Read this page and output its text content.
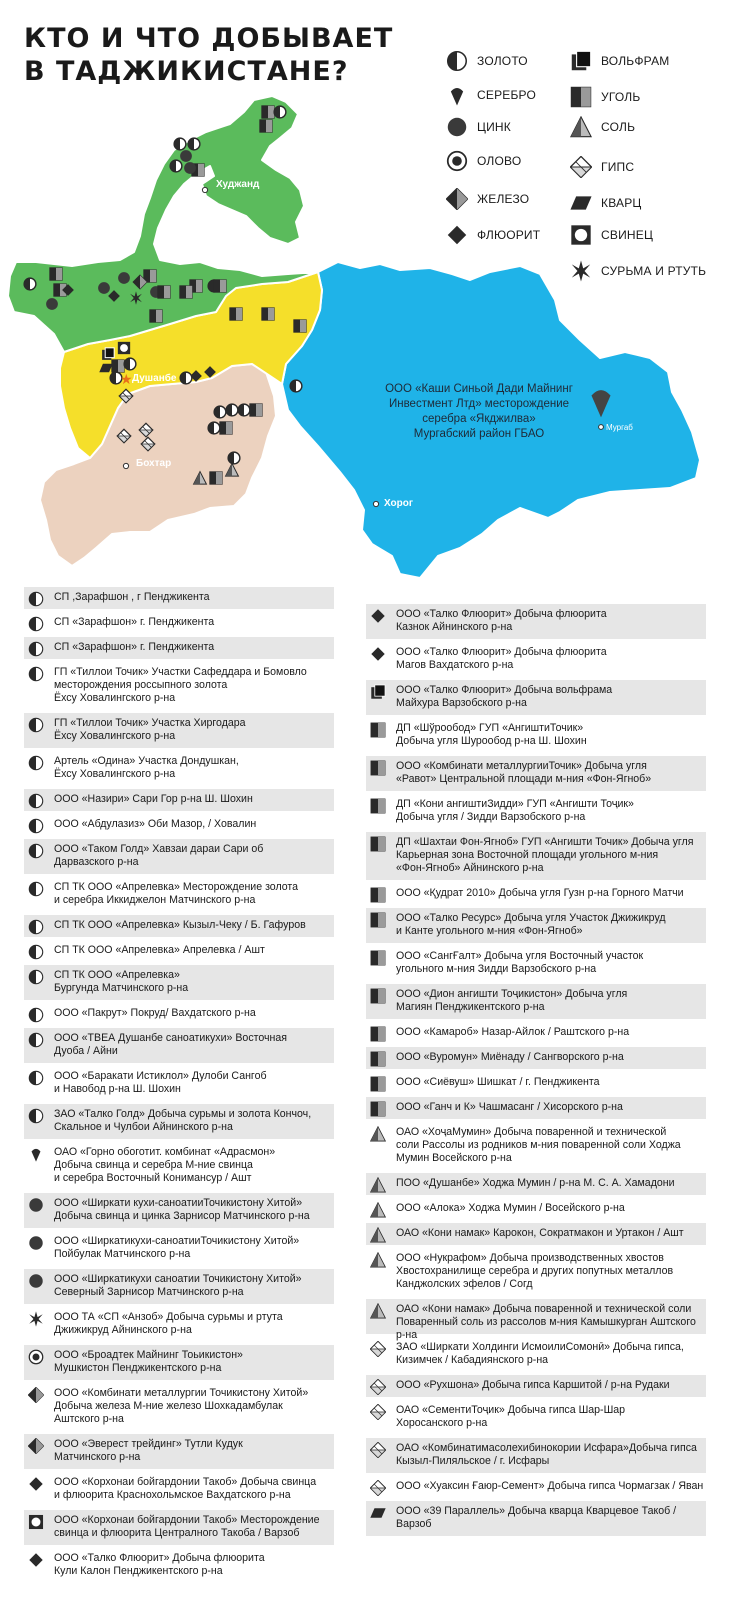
Худжанд
★ Душанбе
Бохтар
Хорог
Мургаб
КТО И ЧТО ДОБЫВАЕТ
В ТАДЖИКИСТАНЕ?
ООО «Каши Синьой Дади Майнинг
Инвестмент Лтд» месторождение
серебра «Якджилва»
Мургабский район ГБАО
ЗОЛОТО
СЕРЕБРО
ЦИНК
ОЛОВО
ЖЕЛЕЗО
ФЛЮОРИТ
ВОЛЬФРАМ
УГОЛЬ
СОЛЬ
ГИПС
КВАРЦ
СВИНЕЦ
СУРЬМА И РТУТЬ
СП ,Зарафшон , г Пенджикента
СП «Зарафшон» г. Пенджикента
СП «Зарафшон» г. Пенджикента
ГП «Тиллои Точик» Участки Сафеддара и Бомовло
месторождения россыпного золота
Ёхсу Ховалингского р-на
ГП «Тиллои Точик» Участка Хиргодара
Ёхсу Ховалингского р-на
Артель «Одина» Участка Дондушкан,
Ёхсу Ховалингского р-на
ООО «Назири» Сари Гор р-на Ш. Шохин
ООО «Абдулазиз» Оби Мазор, / Ховалин
ООО «Таком Голд» Хавзаи дараи Сари об
Дарвазского р-на
СП ТК ООО «Апрелевка» Месторождение золота
и серебра Иккиджелон Матчинского р-на
СП ТК ООО «Апрелевка» Кызыл-Чеку / Б. Гафуров
СП ТК ООО «Апрелевка» Апрелевка / Ашт
СП ТК ООО «Апрелевка»
Бургунда Матчинского р-на
ООО «Пакрут» Покруд/ Вахдатского р-на
ООО «ТВЕА Душанбе саноатикухи» Восточная
Дуоба / Айни
ООО «Баракати Истиклол» Дулоби Сангоб
и Навобод р-на Ш. Шохин
ЗАО «Талко Голд» Добыча сурьмы и золота Кончоч,
Скальное и Чулбои Айнинского р-на
ОАО «Горно обоготит. комбинат «Адрасмон»
Добыча свинца и серебра М-ние свинца
и серебра Восточный Конимансур / Ашт
ООО «Ширкати кухи-саноатииТочикистону Хитой»
Добыча свинца и цинка Зарнисор Матчинского р-на
ООО «Ширкатикухи-саноатииТочикистону Хитой»
Пойбулак Матчинского р-на
ООО «Ширкатикухи саноатии Точикистону Хитой»
Северный Зарнисор Матчинского р-на
ООО ТА «СП «Анзоб» Добыча сурьмы и ртута
Джижикруд Айнинского р-на
ООО «Броадтек Майнинг Тоьикистон»
Мушкистон Пенджикентского р-на
ООО «Комбинати металлургии Точикистону Хитой»
Добыча железа М-ние железо Шохкадамбулак
Аштского р-на
ООО «Эверест трейдинг» Тутли Кудук
Матчинского р-на
ООО «Корхонаи бойгардонии Такоб» Добыча свинца
и флюорита Краснохольмское Вахдатского р-на
ООО «Корхонаи бойгардонии Такоб» Месторождение
свинца и флюорита Централного Такоба / Варзоб
ООО «Талко Флюорит» Добыча флюорита
Кули Калон Пенджикентского р-на
ООО «Талко Флюорит» Добыча флюорита
Казнок Айнинского р-на
ООО «Талко Флюорит» Добыча флюорита
Магов Вахдатского р-на
ООО «Талко Флюорит» Добыча вольфрама
Майхура Варзобского р-на
ДП «Шўрообод» ГУП «АнгиштиТочик»
Добыча угля Шурообод р-на Ш. Шохин
ООО «Комбинати металлургииТочик» Добыча угля
«Равот» Центральной площади м-ния «Фон-Ягноб»
ДП «Кони ангиштиЗидди» ГУП «Ангишти Тоҷик»
Добыча угля / Зидди Варзобского р-на
ДП «Шахтаи Фон-Ягноб» ГУП «Ангишти Точик» Добыча угля
Карьерная зона Восточной площади угольного м-ния
«Фон-Ягноб» Айнинского р-на
ООО «Қудрат 2010» Добыча угля Гузн р-на Горного Матчи
ООО «Талко Ресурс» Добыча угля Участок Джижикруд
и Канте угольного м-ния «Фон-Ягноб»
ООО «СангҒалт» Добыча угля Восточный участок
угольного м-ния Зидди Варзобского р-на
ООО «Дион ангишти Тоҷикистон» Добыча угля
Магиян Пенджикентского р-на
ООО «Камароб» Назар-Айлок / Раштского р-на
ООО «Вуромун» Миёнаду / Сангворского р-на
ООО «Сиёвуш» Шишкат / г. Пенджикента
ООО «Ганч и К» Чашмасанг / Хисорского р-на
ОАО «ХоҷаМумин» Добыча поваренной и технической
соли Рассолы из родников м-ния поваренной соли Ходжа
Мумин Восейского р-на
ПОО «Душанбе» Ходжа Мумин / р-на М. С. А. Хамадони
ООО «Алока» Ходжа Мумин / Восейского р-на
ОАО «Кони намак» Карокон, Сократмакон и Уртакон / Ашт
ООО «Нукрафом» Добыча производственных хвостов
Хвостохранилище серебра и других попутных металлов
Канджолских эфелов / Согд
ОАО «Кони намак» Добыча поваренной и технической соли
Поваренный соль из рассолов м-ния Камышкурган Аштского р-на
ЗАО «Ширкати Холдинги ИсмоилиСомонӣ» Добыча гипса,
Кизимчек / Кабадиянского р-на
ООО «Рухшона» Добыча гипса Каршитой / р-на Рудаки
ОАО «СементиТоҷик» Добыча гипса Шар-Шар
Хоросанского р-на
ОАО «Комбинатимасолехибинокории Исфара»Добыча гипса
Кызыл-Пиляльское / г. Исфары
ООО «Хуаксин Ғаюр-Семент» Добыча гипса Чормагзак / Яван
ООО «39 Параллель» Добыча кварца Кварцевое Такоб /
Варзоб
